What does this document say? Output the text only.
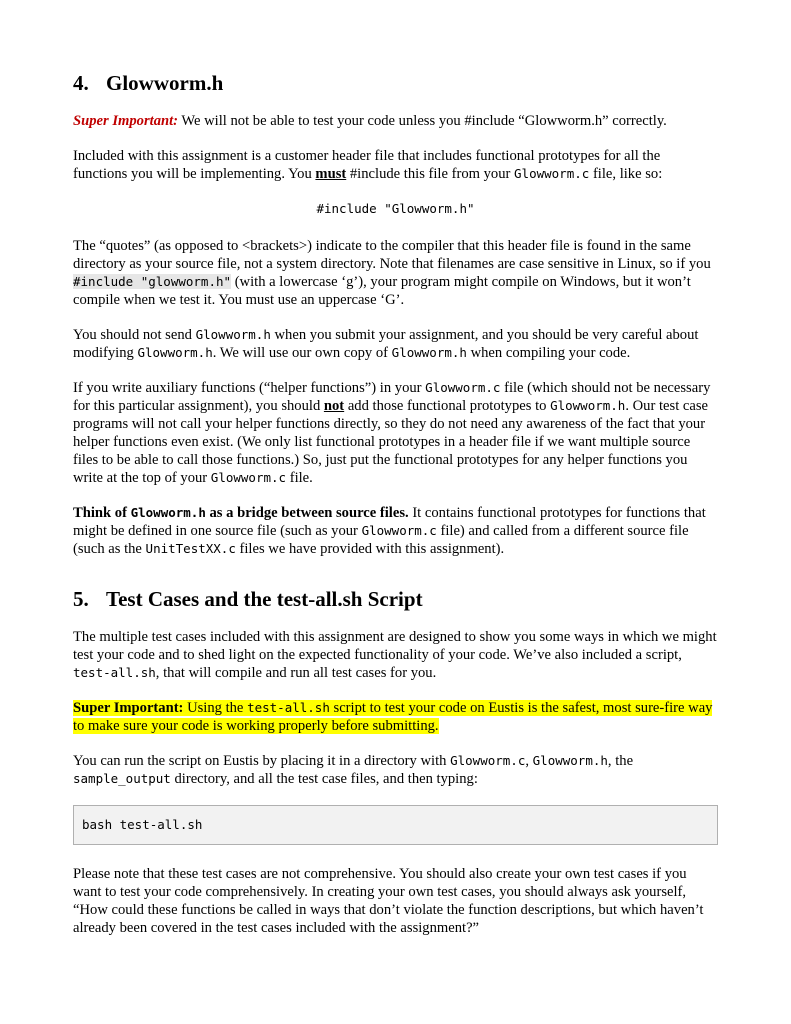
4. Glowworm.h

Super Important: We will not be able to test your code unless you #include “Glowworm.h” correctly.

Included with this assignment is a customer header file that includes functional prototypes for all the functions you will be implementing. You must #include this file from your Glowworm.c file, like so:

#include "Glowworm.h"

The “quotes” (as opposed to <brackets>) indicate to the compiler that this header file is found in the same directory as your source file, not a system directory. Note that filenames are case sensitive in Linux, so if you #include "glowworm.h" (with a lowercase ‘g’), your program might compile on Windows, but it won’t compile when we test it. You must use an uppercase ‘G’.

You should not send Glowworm.h when you submit your assignment, and you should be very careful about modifying Glowworm.h. We will use our own copy of Glowworm.h when compiling your code.

If you write auxiliary functions (“helper functions”) in your Glowworm.c file (which should not be necessary for this particular assignment), you should not add those functional prototypes to Glowworm.h. Our test case programs will not call your helper functions directly, so they do not need any awareness of the fact that your helper functions even exist. (We only list functional prototypes in a header file if we want multiple source files to be able to call those functions.) So, just put the functional prototypes for any helper functions you write at the top of your Glowworm.c file.

Think of Glowworm.h as a bridge between source files. It contains functional prototypes for functions that might be defined in one source file (such as your Glowworm.c file) and called from a different source file (such as the UnitTestXX.c files we have provided with this assignment).

5. Test Cases and the test-all.sh Script

The multiple test cases included with this assignment are designed to show you some ways in which we might test your code and to shed light on the expected functionality of your code. We’ve also included a script, test-all.sh, that will compile and run all test cases for you.

Super Important: Using the test-all.sh script to test your code on Eustis is the safest, most sure-fire way to make sure your code is working properly before submitting.

You can run the script on Eustis by placing it in a directory with Glowworm.c, Glowworm.h, the sample_output directory, and all the test case files, and then typing:

bash test-all.sh

Please note that these test cases are not comprehensive. You should also create your own test cases if you want to test your code comprehensively. In creating your own test cases, you should always ask yourself, “How could these functions be called in ways that don’t violate the function descriptions, but which haven’t already been covered in the test cases included with the assignment?”
